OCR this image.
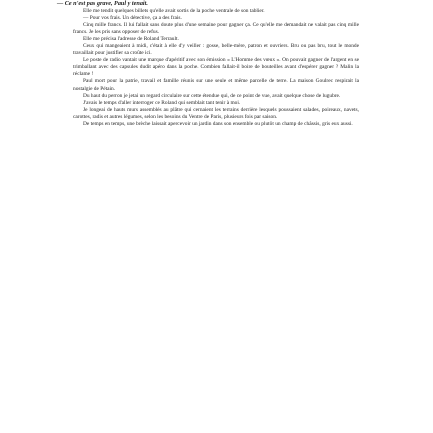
— Ce n'est pas grave, Paul y tenait.

Elle me tendit quelques billets qu'elle avait sortis de la poche ventrale de son tablier.

— Pour vos frais. Un détective, ça a des frais.

Cinq mille francs. Il lui fallait sans doute plus d'une semaine pour gagner ça. Ce qu'elle me demandait ne valait pas cinq mille francs. Je les pris sans opposer de refus.

Elle me précisa l'adresse de Roland Terrault.

Ceux qui mangeaient à midi, c'était à elle d'y veiller : gosse, belle-mère, patron et ouvriers. Bru ou pas bru, tout le monde travaillait pour justifier sa croûte ici.

Le poste de radio vantait une marque d'apéritif avec son émission « L'Homme des vœux ». On pouvait gagner de l'argent en se trimballant avec des capsules dudit apéro dans la poche. Combien fallait-il boire de bouteilles avant d'espérer gagner ? Malin la réclame !

Paul mort pour la patrie, travail et famille réunis sur une seule et même parcelle de terre. La maison Goulrec respirait la nostalgie de Pétain.

Du haut du perron je jetai un regard circulaire sur cette étendue qui, de ce point de vue, avait quelque chose de lugubre.

J'avais le temps d'aller interroger ce Roland qui semblait tant tenir à moi.

Je longeai de hauts murs assemblés au plâtre qui cernaient les terrains derrière lesquels poussaient salades, poireaux, navets, carottes, radis et autres légumes, selon les besoins du Ventre de Paris, plusieurs fois par saison.

De temps en temps, une brèche laissait apercevoir un jardin dans son ensemble ou plutôt un champ de châssis, gris eux aussi.
